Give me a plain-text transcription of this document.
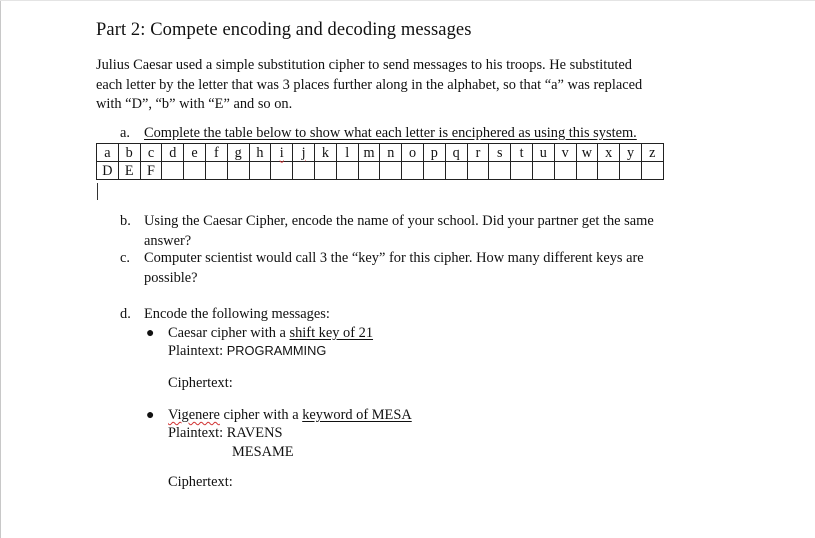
Part 2: Compete encoding and decoding messages
Julius Caesar used a simple substitution cipher to send messages to his troops. He substituted
each letter by the letter that was 3 places further along in the alphabet, so that “a” was replaced
with “D”, “b” with “E” and so on.
a. Complete the table below to show what each letter is enciphered as using this system.
a	b	c	d	e	f	g	h	i	j	k	l	m	n	o	p	q	r	s	t	u	v	w	x	y	z
D	E	F																							
b. Using the Caesar Cipher, encode the name of your school. Did your partner get the same
answer?
c. Computer scientist would call 3 the “key” for this cipher. How many different keys are
possible?
d. Encode the following messages:
● Caesar cipher with a shift key of 21
Plaintext: PROGRAMMING
Ciphertext:
● Vigenere cipher with a keyword of MESA
Plaintext: RAVENS
MESAME
Ciphertext:
